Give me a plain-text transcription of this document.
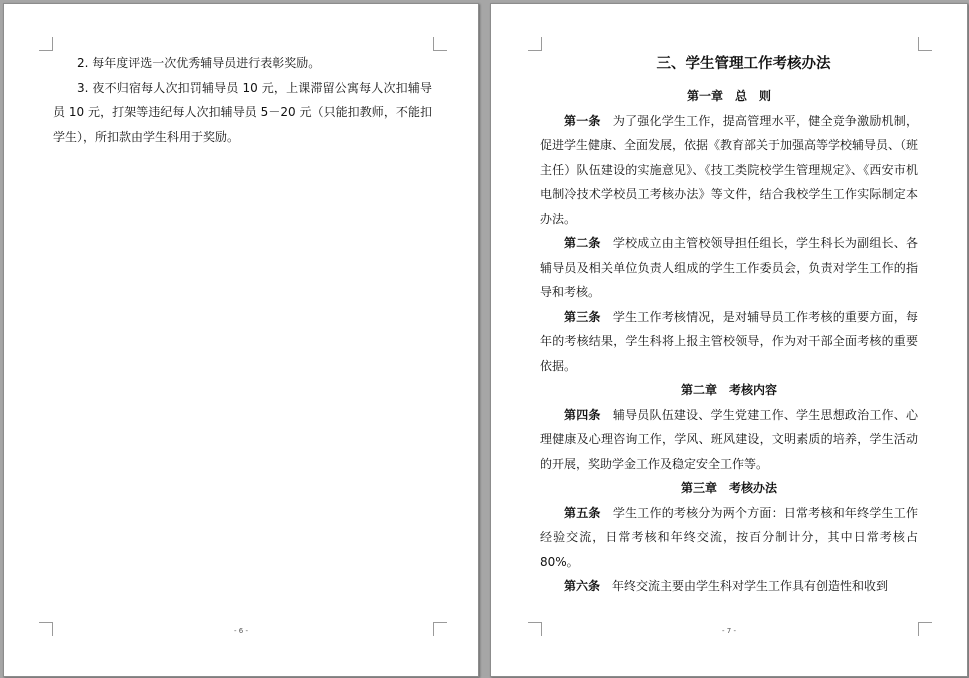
2. 每年度评选一次优秀辅导员进行表彰奖励。

3. 夜不归宿每人次扣罚辅导员 10 元，上课滞留公寓每人次扣辅导员 10 元，打架等违纪每人次扣辅导员 5－20 元（只能扣教师，不能扣学生），所扣款由学生科用于奖励。

- 6 -

三、学生管理工作考核办法

第一章　总　则

第一条　 为了强化学生工作，提高管理水平，健全竞争激励机制，促进学生健康、全面发展，依据《教育部关于加强高等学校辅导员、（班主任）队伍建设的实施意见》、《技工类院校学生管理规定》、《西安市机电制冷技术学校员工考核办法》等文件，结合我校学生工作实际制定本办法。

第二条　 学校成立由主管校领导担任组长，学生科长为副组长、各辅导员及相关单位负责人组成的学生工作委员会，负责对学生工作的指导和考核。

第三条　 学生工作考核情况，是对辅导员工作考核的重要方面，每年的考核结果，学生科将上报主管校领导，作为对干部全面考核的重要依据。

第二章　考核内容

第四条　 辅导员队伍建设、学生党建工作、学生思想政治工作、心理健康及心理咨询工作，学风、班风建设，文明素质的培养，学生活动的开展，奖助学金工作及稳定安全工作等。

第三章　考核办法

第五条　 学生工作的考核分为两个方面：日常考核和年终学生工作经验交流，日常考核和年终交流，按百分制计分，其中日常考核占 80%。

第六条　 年终交流主要由学生科对学生工作具有创造性和收到

- 7 -
